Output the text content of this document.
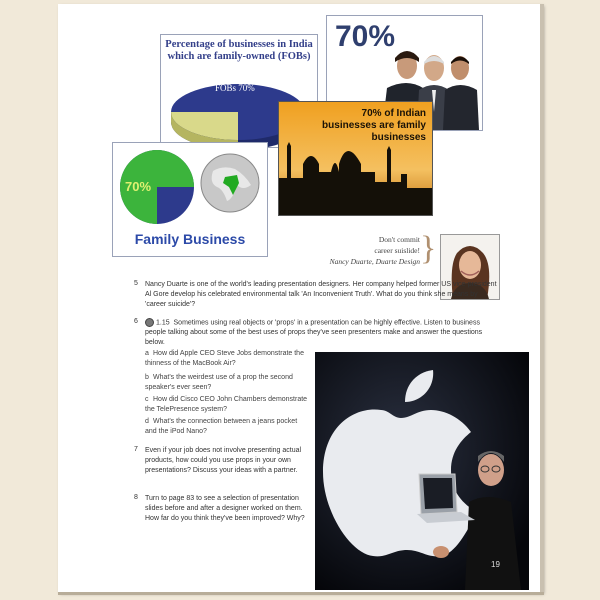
Percentage of businesses in India which are family-owned (FOBs)
FOBs 70%
70%
70% of Indian businesses are family businesses
70%
Family Business	Don't commit
career suislide!
Nancy Duarte, Duarte Design }
5 Nancy Duarte is one of the world's leading presentation designers. Her company helped former US vice-president Al Gore develop his celebrated environmental talk 'An Inconvenient Truth'. What do you think she means by 'career suicide'?
6	1.15 Sometimes using real objects or 'props' in a presentation can be highly effective. Listen to business people talking about some of the best uses of props they've seen presenters make and answer the questions below.
a How did Apple CEO Steve Jobs demonstrate the thinness of the MacBook Air?
b What's the weirdest use of a prop the second speaker's ever seen?
c How did Cisco CEO John Chambers demonstrate the TelePresence system?
d What's the connection between a jeans pocket and the iPod Nano?
7 Even if your job does not involve presenting actual products, how could you use props in your own presentations? Discuss your ideas with a partner.
8 Turn to page 83 to see a selection of presentation slides before and after a designer worked on them. How far do you think they've been improved? Why?
19
